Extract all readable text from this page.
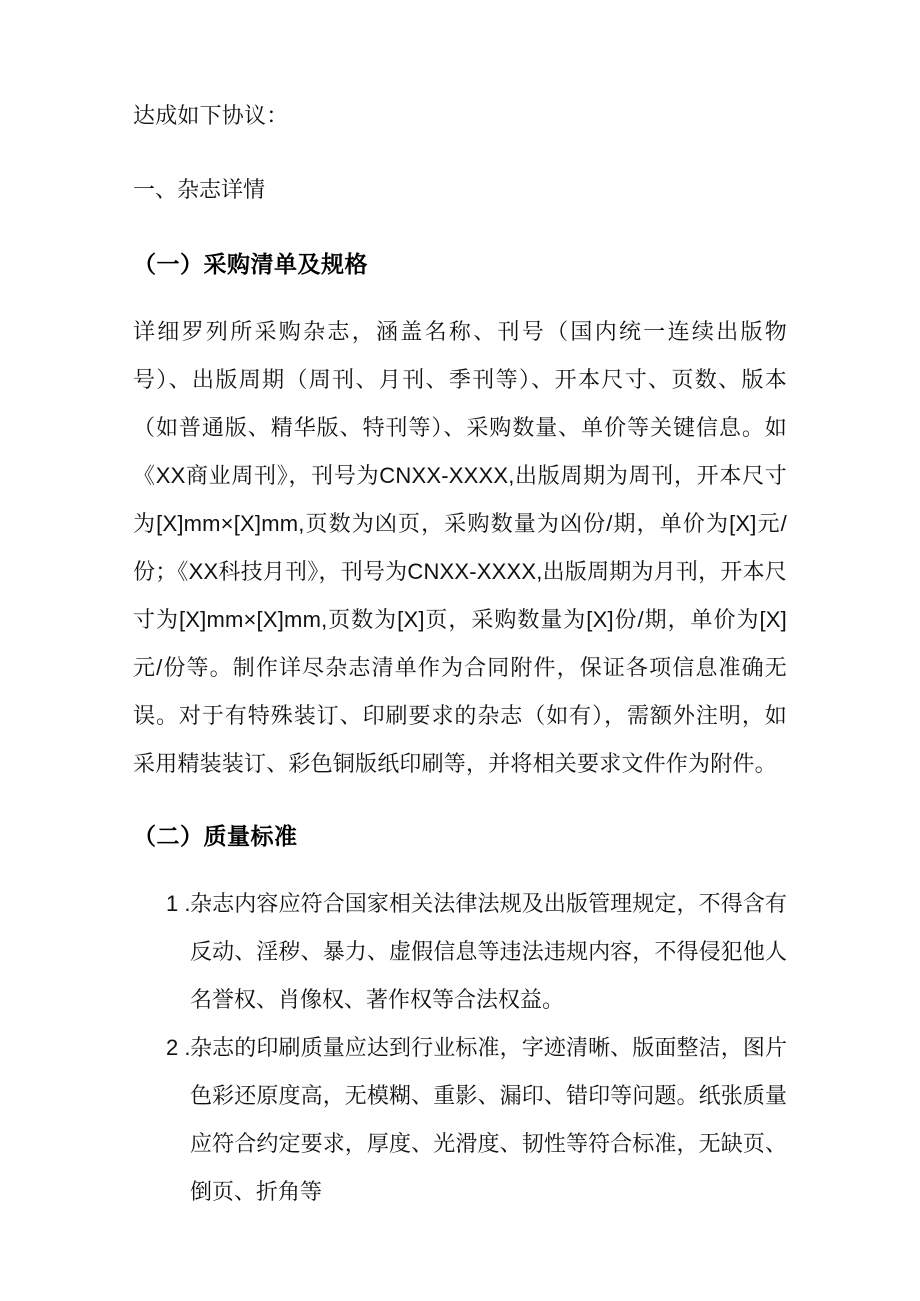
达成如下协议：

一、杂志详情
（一）采购清单及规格

详细罗列所采购杂志，涵盖名称、刊号（国内统一连续出版物号）、出版周期（周刊、月刊、季刊等）、开本尺寸、页数、版本（如普通版、精华版、特刊等）、采购数量、单价等关键信息。如《XX商业周刊》，刊号为CNXX-XXXX,出版周期为周刊，开本尺寸为[X]mm×[X]mm,页数为凶页，采购数量为凶份/期，单价为[X]元/份；《XX科技月刊》，刊号为CNXX-XXXX,出版周期为月刊，开本尺寸为[X]mm×[X]mm,页数为[X]页，采购数量为[X]份/期，单价为[X]元/份等。制作详尽杂志清单作为合同附件，保证各项信息准确无误。对于有特殊装订、印刷要求的杂志（如有），需额外注明，如采用精装装订、彩色铜版纸印刷等，并将相关要求文件作为附件。

（二）质量标准
1 . 杂志内容应符合国家相关法律法规及出版管理规定，不得含有反动、淫秽、暴力、虚假信息等违法违规内容，不得侵犯他人名誉权、肖像权、著作权等合法权益。
2 . 杂志的印刷质量应达到行业标准，字迹清晰、版面整洁，图片色彩还原度高，无模糊、重影、漏印、错印等问题。纸张质量应符合约定要求，厚度、光滑度、韧性等符合标准，无缺页、倒页、折角等
